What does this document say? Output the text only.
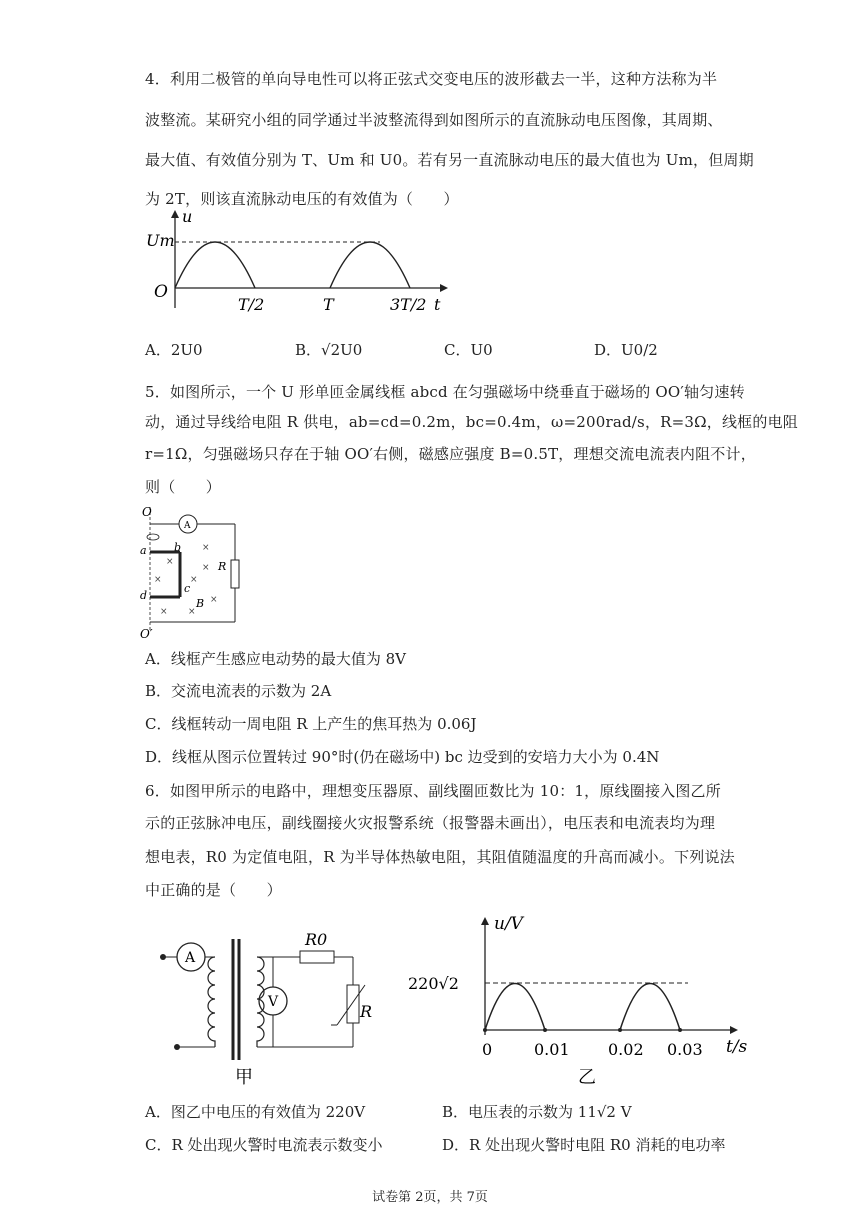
4．利用二极管的单向导电性可以将正弦式交变电压的波形截去一半，这种方法称为半
波整流。某研究小组的同学通过半波整流得到如图所示的直流脉动电压图像，其周期、
最大值、有效值分别为 T、Um 和 U0。若有另一直流脉动电压的最大值也为 Um，但周期
为 2T，则该直流脉动电压的有效值为（　　）
u
Um
O
T/2	T	3T/2 t
A．2U0	B．√2U0	C．U0	D．U0/2
5．如图所示，一个 U 形单匝金属线框 abcd 在匀强磁场中绕垂直于磁场的 OO′轴匀速转
动，通过导线给电阻 R 供电，ab=cd=0.2m，bc=0.4m，ω=200rad/s，R=3Ω，线框的电阻
r=1Ω，匀强磁场只存在于轴 OO′右侧，磁感应强度 B=0.5T，理想交流电流表内阻不计，
则（　　）
O
O′
A
R
a b
c
d
B
×
×
×
×	×
×
× ×
A．线框产生感应电动势的最大值为 8V
B．交流电流表的示数为 2A
C．线框转动一周电阻 R 上产生的焦耳热为 0.06J
D．线框从图示位置转过 90°时(仍在磁场中) bc 边受到的安培力大小为 0.4N
6．如图甲所示的电路中，理想变压器原、副线圈匝数比为 10：1，原线圈接入图乙所
示的正弦脉冲电压，副线圈接火灾报警系统（报警器未画出），电压表和电流表均为理
想电表，R0 为定值电阻，R 为半导体热敏电阻，其阻值随温度的升高而减小。下列说法
中正确的是（　　）
A
R0
R
V
甲
u/V
220√2
0	0.01 0.02 0.03 t/s
乙
A．图乙中电压的有效值为 220V	B．电压表的示数为 11√2 V
C．R 处出现火警时电流表示数变小	D．R 处出现火警时电阻 R0 消耗的电功率
试卷第 2页，共 7页
